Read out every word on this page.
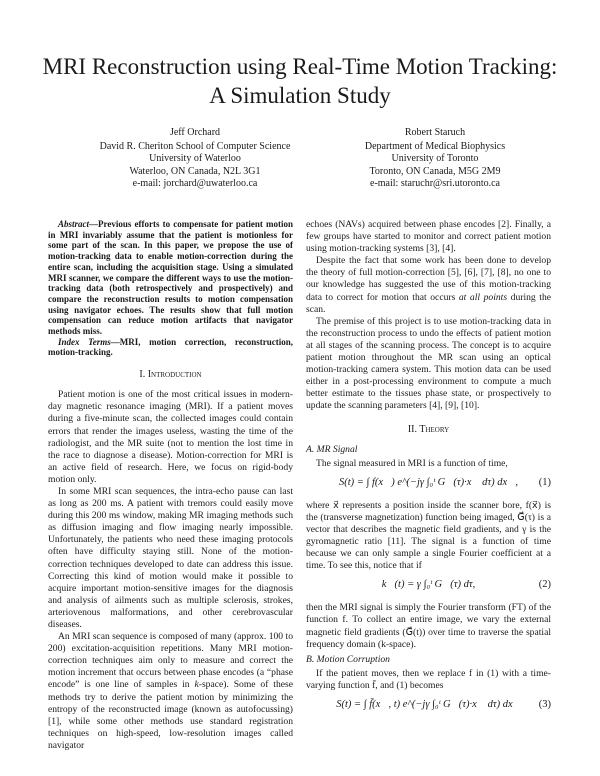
MRI Reconstruction using Real-Time Motion Tracking: A Simulation Study
Jeff Orchard
David R. Cheriton School of Computer Science
University of Waterloo
Waterloo, ON Canada, N2L 3G1
e-mail: jorchard@uwaterloo.ca
Robert Staruch
Department of Medical Biophysics
University of Toronto
Toronto, ON Canada, M5G 2M9
e-mail: staruchr@sri.utoronto.ca

Abstract—Previous efforts to compensate for patient motion in MRI invariably assume that the patient is motionless for some part of the scan. In this paper, we propose the use of motion-tracking data to enable motion-correction during the entire scan, including the acquisition stage. Using a simulated MRI scanner, we compare the different ways to use the motion-tracking data (both retrospectively and prospectively) and compare the reconstruction results to motion compensation using navigator echoes. The results show that full motion compensation can reduce motion artifacts that navigator methods miss.

Index Terms—MRI, motion correction, reconstruction, motion-tracking.

I. Introduction

Patient motion is one of the most critical issues in modern-day magnetic resonance imaging (MRI). If a patient moves during a five-minute scan, the collected images could contain errors that render the images useless, wasting the time of the radiologist, and the MR suite (not to mention the lost time in the race to diagnose a disease). Motion-correction for MRI is an active field of research. Here, we focus on rigid-body motion only.

In some MRI scan sequences, the intra-echo pause can last as long as 200 ms. A patient with tremors could easily move during this 200 ms window, making MR imaging methods such as diffusion imaging and flow imaging nearly impossible. Unfortunately, the patients who need these imaging protocols often have difficulty staying still. None of the motion-correction techniques developed to date can address this issue. Correcting this kind of motion would make it possible to acquire important motion-sensitive images for the diagnosis and analysis of ailments such as multiple sclerosis, strokes, arteriovenous malformations, and other cerebrovascular diseases.

An MRI scan sequence is composed of many (approx. 100 to 200) excitation-acquisition repetitions. Many MRI motion-correction techniques aim only to measure and correct the motion increment that occurs between phase encodes (a “phase encode” is one line of samples in k-space). Some of these methods try to derive the patient motion by minimizing the entropy of the reconstructed image (known as autofocussing) [1], while some other methods use standard registration techniques on high-speed, low-resolution images called navigator

echoes (NAVs) acquired between phase encodes [2]. Finally, a few groups have started to monitor and correct patient motion using motion-tracking systems [3], [4].

Despite the fact that some work has been done to develop the theory of full motion-correction [5], [6], [7], [8], no one to our knowledge has suggested the use of this motion-tracking data to correct for motion that occurs at all points during the scan.

The premise of this project is to use motion-tracking data in the reconstruction process to undo the effects of patient motion at all stages of the scanning process. The concept is to acquire patient motion throughout the MR scan using an optical motion-tracking camera system. This motion data can be used either in a post-processing environment to compute a much better estimate to the tissues phase state, or prospectively to update the scanning parameters [4], [9], [10].

II. Theory
A. MR Signal

The signal measured in MRI is a function of time,

S(t) = ∫ f(x⃗) e^(−jγ ∫₀ᵗ G⃗(τ)·x⃗ dτ) dx⃗,	(1)

where x⃗ represents a position inside the scanner bore, f(x⃗) is the (transverse magnetization) function being imaged, G⃗(τ) is a vector that describes the magnetic field gradients, and γ is the gyromagnetic ratio [11]. The signal is a function of time because we can only sample a single Fourier coefficient at a time. To see this, notice that if

k⃗(t) = γ ∫₀ᵗ G⃗(τ) dτ,	(2)

then the MRI signal is simply the Fourier transform (FT) of the function f. To collect an entire image, we vary the external magnetic field gradients (G⃗(t)) over time to traverse the spatial frequency domain (k-space).

B. Motion Corruption

If the patient moves, then we replace f in (1) with a time-varying function f̄, and (1) becomes

S(t) = ∫ f̄(x⃗, t) e^(−jγ ∫₀ᵗ G⃗(τ)·x⃗ dτ) dx⃗	(3)
